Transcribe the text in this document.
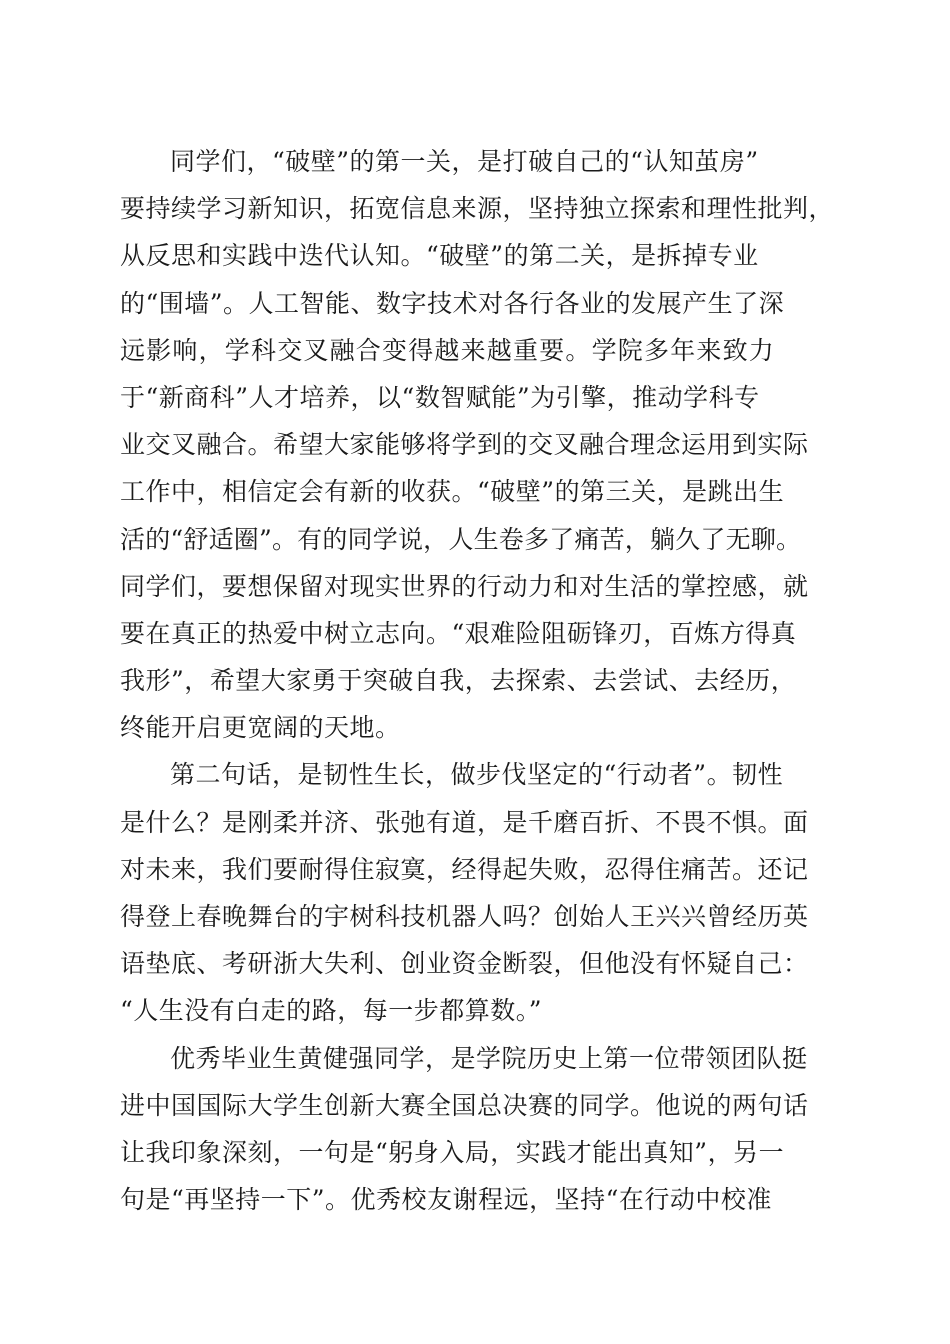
同学们，“破壁”的第一关，是打破自己的“认知茧房”
要持续学习新知识，拓宽信息来源，坚持独立探索和理性批判，
从反思和实践中迭代认知。“破壁”的第二关，是拆掉专业
的“围墙”。人工智能、数字技术对各行各业的发展产生了深
远影响，学科交叉融合变得越来越重要。学院多年来致力
于“新商科”人才培养，以“数智赋能”为引擎，推动学科专
业交叉融合。希望大家能够将学到的交叉融合理念运用到实际
工作中，相信定会有新的收获。“破壁”的第三关，是跳出生
活的“舒适圈”。有的同学说，人生卷多了痛苦，躺久了无聊。
同学们，要想保留对现实世界的行动力和对生活的掌控感，就
要在真正的热爱中树立志向。“艰难险阻砺锋刃，百炼方得真
我形”，希望大家勇于突破自我，去探索、去尝试、去经历，
终能开启更宽阔的天地。
第二句话，是韧性生长，做步伐坚定的“行动者”。韧性
是什么？是刚柔并济、张弛有道，是千磨百折、不畏不惧。面
对未来，我们要耐得住寂寞，经得起失败，忍得住痛苦。还记
得登上春晚舞台的宇树科技机器人吗？创始人王兴兴曾经历英
语垫底、考研浙大失利、创业资金断裂，但他没有怀疑自己：
“人生没有白走的路，每一步都算数。”
优秀毕业生黄健强同学，是学院历史上第一位带领团队挺
进中国国际大学生创新大赛全国总决赛的同学。他说的两句话
让我印象深刻，一句是“躬身入局，实践才能出真知”，另一
句是“再坚持一下”。优秀校友谢程远，坚持“在行动中校准
